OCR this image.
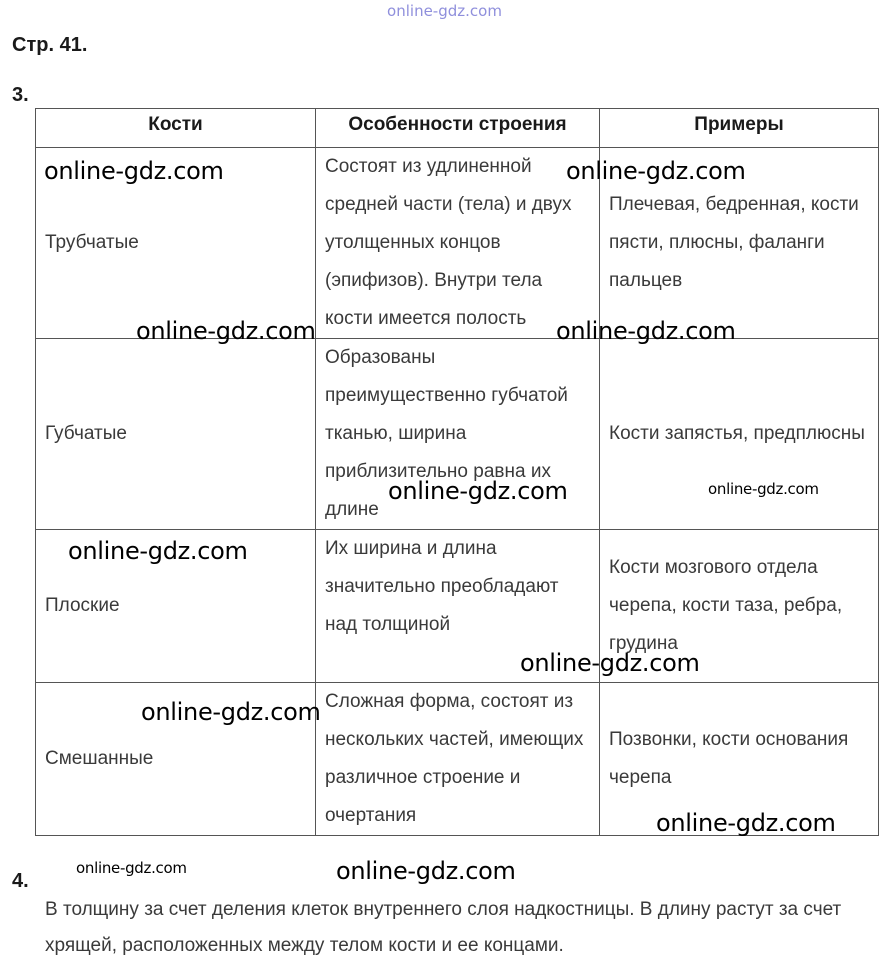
online-gdz.com
Стр. 41.
3.
Кости	Особенности строения	Примеры
Трубчатые	Состоят из удлиненной средней части (тела) и двух утолщенных концов (эпифизов). Внутри тела кости имеется полость	Плечевая, бедренная, кости пясти, плюсны, фаланги пальцев
Губчатые	Образованы преимущественно губчатой тканью, ширина приблизительно равна их длине	Кости запястья, предплюсны
Плоские	Их ширина и длина значительно преобладают над толщиной	Кости мозгового отдела черепа, кости таза, ребра, грудина
Смешанные	Сложная форма, состоят из нескольких частей, имеющих различное строение и очертания	Позвонки, кости основания черепа
4.
В толщину за счет деления клеток внутреннего слоя надкостницы. В длину растут за счет хрящей, расположенных между телом кости и ее концами.
online-gdz.com	online-gdz.com
online-gdz.com	online-gdz.com
online-gdz.com	online-gdz.com
online-gdz.com
online-gdz.com
online-gdz.com
online-gdz.com
online-gdz.com	online-gdz.com
